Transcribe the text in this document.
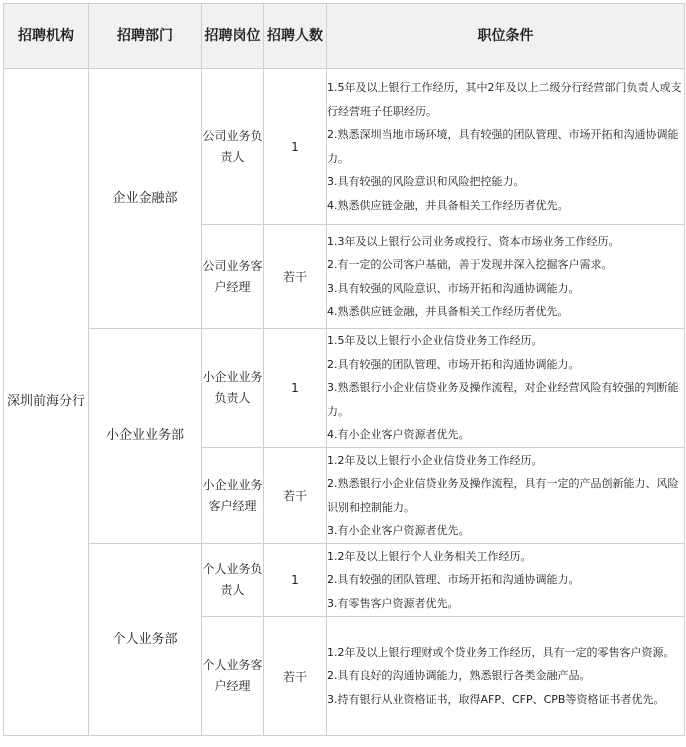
招聘机构	招聘部门	招聘岗位	招聘人数	职位条件
深圳前海分行	企业金融部	公司业务负责人	1	1.5年及以上银行工作经历，其中2年及以上二级分行经营部门负责人或支行经营班子任职经历。
2.熟悉深圳当地市场环境，具有较强的团队管理、市场开拓和沟通协调能力。
3.具有较强的风险意识和风险把控能力。
4.熟悉供应链金融，并具备相关工作经历者优先。

		公司业务客户经理	若干	1.3年及以上银行公司业务或投行、资本市场业务工作经历。
2.有一定的公司客户基础，善于发现并深入挖掘客户需求。
3.具有较强的风险意识、市场开拓和沟通协调能力。
4.熟悉供应链金融，并具备相关工作经历者优先。

	小企业业务部	小企业业务负责人	1	1.5年及以上银行小企业信贷业务工作经历。
2.具有较强的团队管理、市场开拓和沟通协调能力。
3.熟悉银行小企业信贷业务及操作流程，对企业经营风险有较强的判断能力。
4.有小企业客户资源者优先。

		小企业业务客户经理	若干	1.2年及以上银行小企业信贷业务工作经历。
2.熟悉银行小企业信贷业务及操作流程，具有一定的产品创新能力、风险识别和控制能力。
3.有小企业客户资源者优先。

	个人业务部	个人业务负责人	1	1.2年及以上银行个人业务相关工作经历。
2.具有较强的团队管理、市场开拓和沟通协调能力。
3.有零售客户资源者优先。

		个人业务客户经理	若干	1.2年及以上银行理财或个贷业务工作经历，具有一定的零售客户资源。
2.具有良好的沟通协调能力，熟悉银行各类金融产品。
3.持有银行从业资格证书，取得AFP、CFP、CPB等资格证书者优先。
